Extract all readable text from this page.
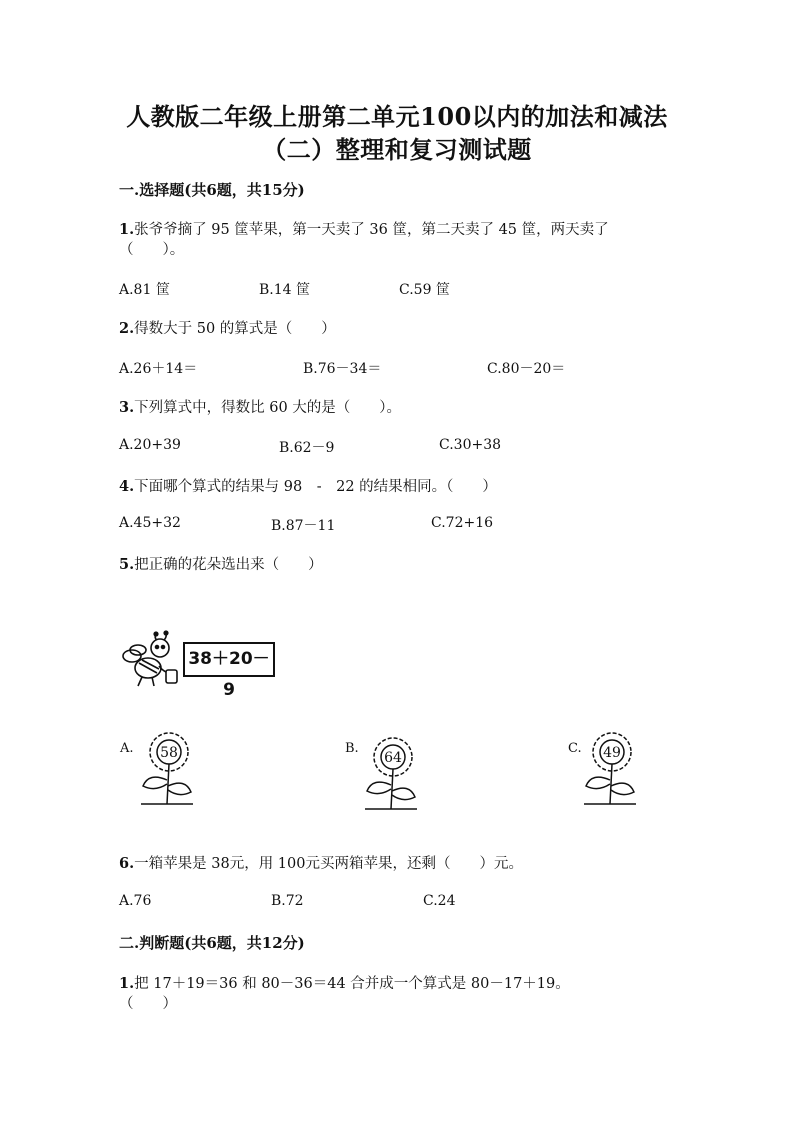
人教版二年级上册第二单元100以内的加法和减法
（二）整理和复习测试题
一.选择题(共6题，共15分)
1.张爷爷摘了 95 筐苹果，第一天卖了 36 筐，第二天卖了 45 筐，两天卖了
（　　）。
A.81 筐	B.14 筐	C.59 筐
2.得数大于 50 的算式是（　　）
A.26＋14＝	B.76－34＝	C.80－20＝
3.下列算式中，得数比 60 大的是（　　）。
A.20+39	B.62－9	C.30+38
4.下面哪个算式的结果与 98　-　22 的结果相同。（　　）
A.45+32	B.87－11	C.72+16
5.把正确的花朵选出来（　　）
38＋20－9
A. 58	B.
64
C. 49
6.一箱苹果是 38元，用 100元买两箱苹果，还剩（　　）元。
A.76	B.72	C.24
二.判断题(共6题，共12分)
1.把 17＋19＝36 和 80－36＝44 合并成一个算式是 80－17＋19。
（　　）
